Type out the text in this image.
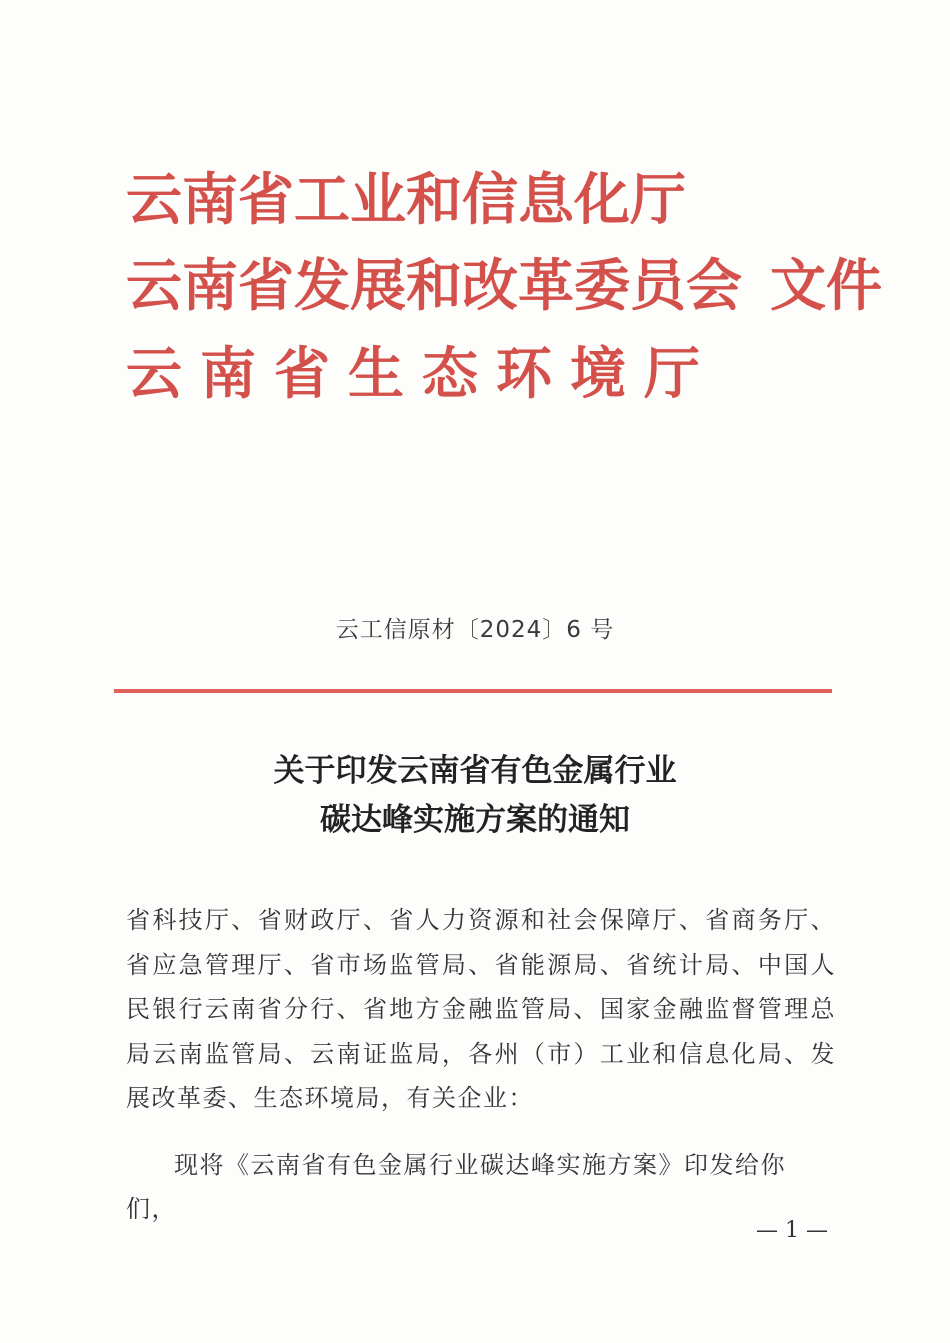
云南省工业和信息化厅
云南省发展和改革委员会 文件
云南省生态环境厅
云工信原材〔2024〕6 号
关于印发云南省有色金属行业
碳达峰实施方案的通知
省科技厅、省财政厅、省人力资源和社会保障厅、省商务厅、省应急管理厅、省市场监管局、省能源局、省统计局、中国人民银行云南省分行、省地方金融监管局、国家金融监督管理总局云南监管局、云南证监局，各州（市）工业和信息化局、发展改革委、生态环境局，有关企业：
现将《云南省有色金属行业碳达峰实施方案》印发给你们，
— 1 —
